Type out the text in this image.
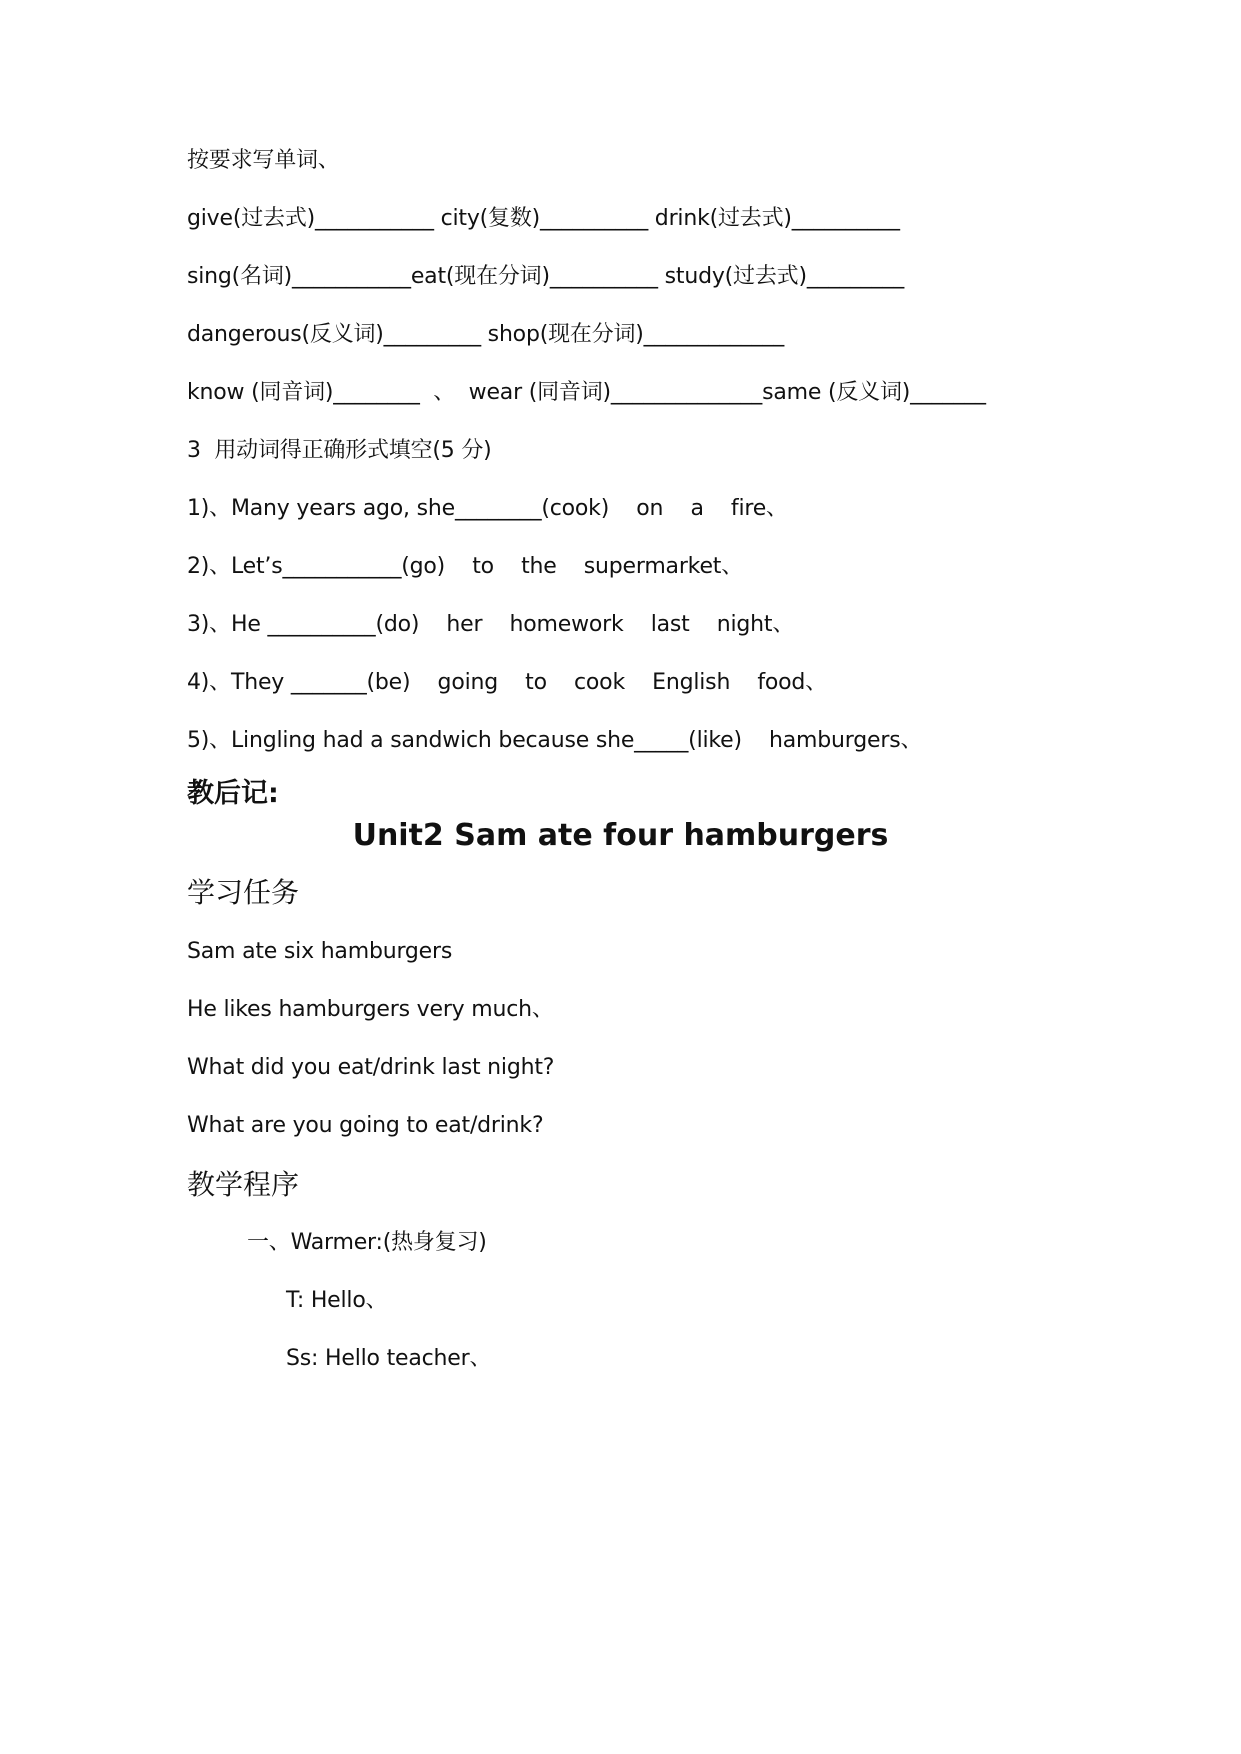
按要求写单词、
give(过去式)___________ city(复数)__________ drink(过去式)__________
sing(名词)___________eat(现在分词)__________ study(过去式)_________
dangerous(反义词)_________ shop(现在分词)_____________
know (同音词)________  、  wear (同音词)______________same (反义词)_______
3  用动词得正确形式填空(5 分)
1)、Many years ago, she________(cook)    on    a    fire、
2)、Let’s___________(go)    to    the    supermarket、
3)、He __________(do)    her    homework    last    night、
4)、They _______(be)    going    to    cook    English    food、
5)、Lingling had a sandwich because she_____(like)    hamburgers、
教后记:
Unit2 Sam ate four hamburgers
学习任务
Sam ate six hamburgers
He likes hamburgers very much、
What did you eat/drink last night?
What are you going to eat/drink?
教学程序
一、Warmer:(热身复习)
T: Hello、
Ss: Hello teacher、
